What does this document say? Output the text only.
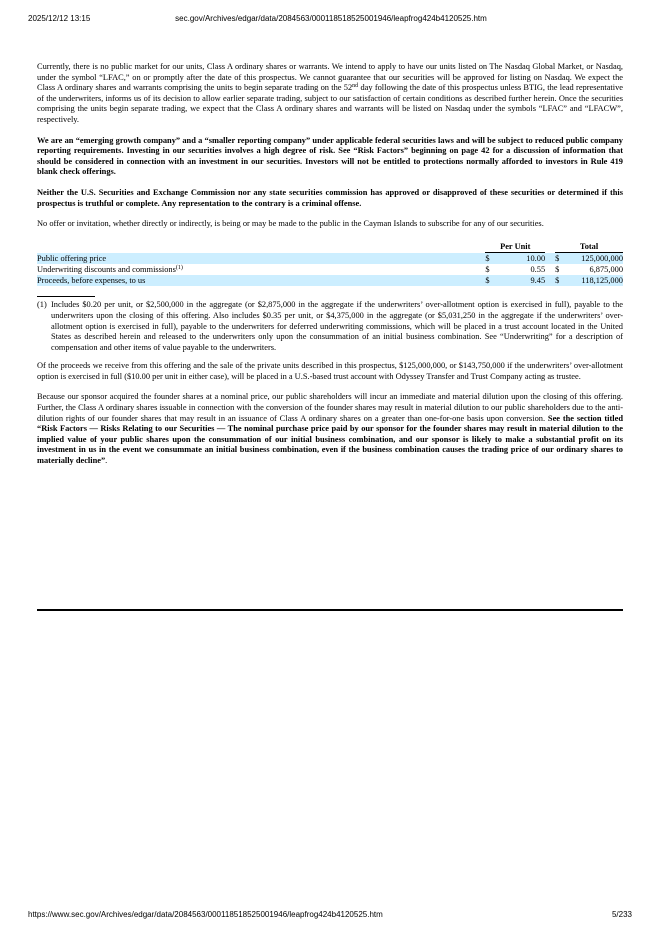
2025/12/12 13:15	sec.gov/Archives/edgar/data/2084563/000118518525001946/leapfrog424b4120525.htm

Currently, there is no public market for our units, Class A ordinary shares or warrants. We intend to apply to have our units listed on The Nasdaq Global Market, or Nasdaq, under the symbol “LFAC,” on or promptly after the date of this prospectus. We cannot guarantee that our securities will be approved for listing on Nasdaq. We expect the Class A ordinary shares and warrants comprising the units to begin separate trading on the 52nd day following the date of this prospectus unless BTIG, the lead representative of the underwriters, informs us of its decision to allow earlier separate trading, subject to our satisfaction of certain conditions as described further herein. Once the securities comprising the units begin separate trading, we expect that the Class A ordinary shares and warrants will be listed on Nasdaq under the symbols “LFAC” and “LFACW”, respectively.

We are an “emerging growth company” and a “smaller reporting company” under applicable federal securities laws and will be subject to reduced public company reporting requirements. Investing in our securities involves a high degree of risk. See “Risk Factors” beginning on page 42 for a discussion of information that should be considered in connection with an investment in our securities. Investors will not be entitled to protections normally afforded to investors in Rule 419 blank check offerings.

Neither the U.S. Securities and Exchange Commission nor any state securities commission has approved or disapproved of these securities or determined if this prospectus is truthful or complete. Any representation to the contrary is a criminal offense.

No offer or invitation, whether directly or indirectly, is being or may be made to the public in the Cayman Islands to subscribe for any of our securities.

	Per Unit			Total	
Public offering price	$	10.00		$	125,000,000
Underwriting discounts and commissions$^{(1)}$	$	0.55		$	6,875,000
Proceeds, before expenses, to us	$	9.45		$	118,125,000
(1) Includes $0.20 per unit, or $2,500,000 in the aggregate (or $2,875,000 in the aggregate if the underwriters’ over-allotment option is exercised in full), payable to the underwriters upon the closing of this offering. Also includes $0.35 per unit, or $4,375,000 in the aggregate (or $5,031,250 in the aggregate if the underwriters’ over-allotment option is exercised in full), payable to the underwriters for deferred underwriting commissions, which will be placed in a trust account located in the United States as described herein and released to the underwriters only upon the consummation of an initial business combination. See “Underwriting” for a description of compensation and other items of value payable to the underwriters.

Of the proceeds we receive from this offering and the sale of the private units described in this prospectus, $125,000,000, or $143,750,000 if the underwriters’ over-allotment option is exercised in full ($10.00 per unit in either case), will be placed in a U.S.-based trust account with Odyssey Transfer and Trust Company acting as trustee.

Because our sponsor acquired the founder shares at a nominal price, our public shareholders will incur an immediate and material dilution upon the closing of this offering. Further, the Class A ordinary shares issuable in connection with the conversion of the founder shares may result in material dilution to our public shareholders due to the anti-dilution rights of our founder shares that may result in an issuance of Class A ordinary shares on a greater than one-for-one basis upon conversion. See the section titled “Risk Factors — Risks Relating to our Securities — The nominal purchase price paid by our sponsor for the founder shares may result in material dilution to the implied value of your public shares upon the consummation of our initial business combination, and our sponsor is likely to make a substantial profit on its investment in us in the event we consummate an initial business combination, even if the business combination causes the trading price of our ordinary shares to materially decline”.

https://www.sec.gov/Archives/edgar/data/2084563/000118518525001946/leapfrog424b4120525.htm	5/233
